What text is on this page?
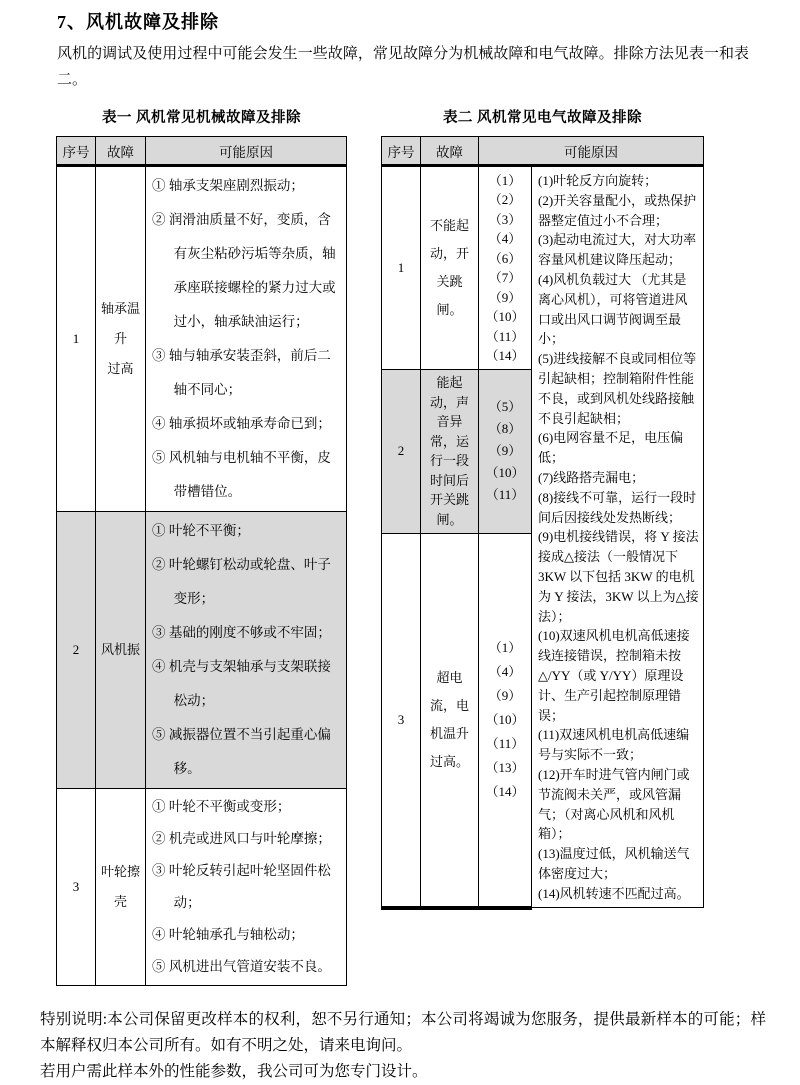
7、风机故障及排除

风机的调试及使用过程中可能会发生一些故障，常见故障分为机械故障和电气故障。排除方法见表一和表二。

表一 风机常见机械故障及排除
序号	故障	可能原因
1	轴承温升
过高	
① 轴承支架座剧烈振动；
② 润滑油质量不好，变质，含有灰尘粘砂污垢等杂质，轴承座联接螺栓的紧力过大或过小，轴承缺油运行；
③ 轴与轴承安装歪斜，前后二轴不同心；
④ 轴承损坏或轴承寿命已到；
⑤ 风机轴与电机轴不平衡，皮带槽错位。

2	风机振	① 叶轮不平衡；
② 叶轮螺钉松动或轮盘、叶子变形；
③ 基础的刚度不够或不牢固；
④ 机壳与支架轴承与支架联接松动；
⑤ 减振器位置不当引起重心偏移。

3	叶轮擦壳	① 叶轮不平衡或变形；
② 机壳或进风口与叶轮摩擦；
③ 叶轮反转引起叶轮坚固件松动；
④ 叶轮轴承孔与轴松动；
⑤ 风机进出气管道安装不良。
表二 风机常见电气故障及排除
序号	故障	可能原因	
1	不能起
动，开
关跳
闸。	
（1）
（2）
（3）
（4）
（6）
（7）
（9）
（10）
（11）
（14）

(1)叶轮反方向旋转；
(2)开关容量配小，或热保护器整定值过小不合理；
(3)起动电流过大，对大功率容量风机建议降压起动；
(4)风机负载过大 （尤其是离心风机），可将管道进风口或出风口调节阀调至最小；
(5)进线接解不良或同相位等引起缺相；控制箱附件性能不良，或到风机处线路接触不良引起缺相；
(6)电网容量不足，电压偏低；
(7)线路搭壳漏电；
(8)接线不可靠，运行一段时间后因接线处发热断线；
(9)电机接线错误，将 Y 接法接成△接法（一般情况下3KW 以下包括 3KW 的电机为 Y 接法，3KW 以上为△接法）；
(10)双速风机电机高低速接线连接错误，控制箱未按△/YY（或 Y/YY）原理设计、生产引起控制原理错误；
(11)双速风机电机高低速编号与实际不一致；
(12)开车时进气管内闸门或节流阀未关严，或风管漏气；（对离心风机和风机箱）；
(13)温度过低，风机输送气体密度过大；
(14)风机转速不匹配过高。

2	能起
动，声
音异
常，运
行一段
时间后
开关跳
闸。	
（5）
（8）
（9）
（10）
（11）

3	超电
流，电
机温升
过高。	
（1）
（4）
（9）
（10）
（11）
（13）
（14）

特别说明:本公司保留更改样本的权利，恕不另行通知；本公司将竭诚为您服务，提供最新样本的可能；样本解释权归本公司所有。如有不明之处，请来电询问。

若用户需此样本外的性能参数，我公司可为您专门设计。
